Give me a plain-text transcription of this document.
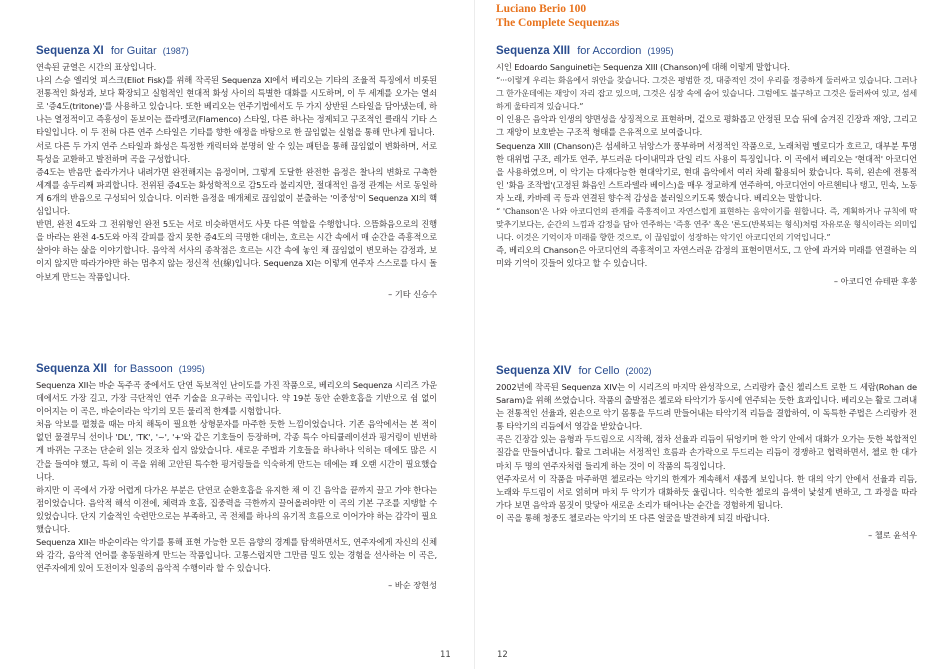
Luciano Berio 100
The Complete Sequenzas
Sequenza XI for Guitar (1987)

연속된 균열은 시간의 표상입니다.

나의 스승 엘리엇 피스크(Eliot Fisk)를 위해 작곡된 Sequenza XI에서 베리오는 기타의 조율적 특징에서 비롯된 전통적인 화성과, 보다 확장되고 실험적인 현대적 화성 사이의 특별한 대화를 시도하며, 이 두 세계를 오가는 열쇠로 '증4도(tritone)'를 사용하고 있습니다. 또한 베리오는 연주기법에서도 두 가지 상반된 스타일을 담아냈는데, 하나는 열정적이고 즉흥성이 돋보이는 플라멩코(Flamenco) 스타일, 다른 하나는 정제되고 구조적인 클래식 기타 스타일입니다. 이 두 전혀 다른 연주 스타일은 기타를 향한 애정을 바탕으로 한 끊임없는 실험을 통해 만나게 됩니다.

서로 다른 두 가지 연주 스타일과 화성은 특정한 캐릭터와 분명히 알 수 있는 패턴을 통해 끊임없이 변화하며, 서로 특성을 교환하고 발전하며 곡을 구성합니다.

증4도는 반음만 올라가거나 내려가면 완전해지는 음정이며, 그렇게 도달한 완전한 음정은 찰나의 변화로 구축한 세계를 송두리째 파괴합니다. 전위된 증4도는 화성학적으로 감5도라 불리지만, 절대적인 음정 관계는 서로 동일하게 6개의 반음으로 구성되어 있습니다. 이러한 음정을 매개체로 끊임없이 분출하는 '이중성'이 Sequenza XI의 핵심입니다.

반면, 완전 4도와 그 전위형인 완전 5도는 서로 비슷하면서도 사뭇 다른 역할을 수행합니다. 으뜸화음으로의 진행을 바라는 완전 4-5도와 아직 갈피를 잡지 못한 증4도의 극명한 대비는, 흐르는 시간 속에서 매 순간을 즉흥적으로 살아야 하는 삶을 이야기합니다. 음악적 서사의 종착점은 흐르는 시간 속에 놓인 채 끊임없이 변모하는 감정과, 보이지 않지만 따라가야만 하는 멈추지 않는 정신적 선(線)입니다. Sequenza XI는 이렇게 연주자 스스로를 다시 돌아보게 만드는 작품입니다.

– 기타 신승수

Sequenza XII for Bassoon (1995)

Sequenza XII는 바순 독주곡 중에서도 단연 독보적인 난이도를 가진 작품으로, 베리오의 Sequenza 시리즈 가운데에서도 가장 길고, 가장 극단적인 연주 기술을 요구하는 곡입니다. 약 19분 동안 순환호흡을 기반으로 쉼 없이 이어지는 이 곡은, 바순이라는 악기의 모든 물리적 한계를 시험합니다.

처음 악보를 펼쳤을 때는 마치 해독이 필요한 상형문자를 마주한 듯한 느낌이었습니다. 기존 음악에서는 본 적이 없던 물결무늬 선이나 'DL', 'TK', '~', '+'와 같은 기호들이 등장하며, 각종 특수 아티큘레이션과 핑거링이 빈번하게 바뀌는 구조는 단순히 읽는 것조차 쉽지 않았습니다. 새로운 주법과 기호들을 하나하나 익히는 데에도 많은 시간을 들여야 했고, 특히 이 곡을 위해 고안된 특수한 핑거링들을 익숙하게 만드는 데에는 꽤 오랜 시간이 필요했습니다.

하지만 이 곡에서 가장 어렵게 다가온 부분은 단연코 순환호흡을 유지한 채 이 긴 음악을 끝까지 끌고 가야 한다는 점이었습니다. 음악적 해석 이전에, 체력과 호흡, 집중력을 극한까지 끌어올려야만 이 곡의 기본 구조를 지탱할 수 있었습니다. 단지 기술적인 숙련만으로는 부족하고, 곡 전체를 하나의 유기적 흐름으로 이어가야 하는 감각이 필요했습니다.

Sequenza XII는 바순이라는 악기를 통해 표현 가능한 모든 음향의 경계를 탐색하면서도, 연주자에게 자신의 신체와 감각, 음악적 언어를 총동원하게 만드는 작품입니다. 고통스럽지만 그만큼 밀도 있는 경험을 선사하는 이 곡은, 연주자에게 있어 도전이자 일종의 음악적 수행이라 할 수 있습니다.

– 바순 장현성

Sequenza XIII for Accordion (1995)

시인 Edoardo Sanguineti는 Sequenza XIII (Chanson)에 대해 이렇게 말합니다.

“···이렇게 우리는 화음에서 위안을 찾습니다. 그것은 평범한 것, 대중적인 것이 우리를 정중하게 둘러싸고 있습니다. 그러나 그 한가운데에는 재앙이 자리 잡고 있으며, 그것은 심장 속에 숨어 있습니다. 그럼에도 불구하고 그것은 둘러싸여 있고, 섬세하게 울타리져 있습니다.”

이 인용은 음악과 인생의 양면성을 상징적으로 표현하며, 겉으로 평화롭고 안정된 모습 뒤에 숨겨진 긴장과 재앙, 그리고 그 재앙이 보호받는 구조적 형태를 은유적으로 보여줍니다.

Sequenza XIII (Chanson)은 섬세하고 뉘앙스가 풍부하며 서정적인 작품으로, 노래처럼 멜로디가 흐르고, 대부분 투명한 대위법 구조, 레가토 연주, 부드러운 다이내믹과 단일 리드 사용이 특징입니다. 이 곡에서 베리오는 '현대적' 아코디언을 사용하였으며, 이 악기는 다재다능한 현대악기로, 현대 음악에서 여러 차례 활용되어 왔습니다. 특히, 왼손에 전통적인 '화음 조작법'(고정된 화음인 스트라델라 베이스)을 매우 정교하게 연주하여, 아코디언이 아르헨티나 탱고, 민속, 노동자 노래, 카바레 곡 등과 연결된 향수적 감성을 불러일으키도록 했습니다. 베리오는 말합니다.

“ 'Chanson'은 나와 아코디언의 관계를 즉흥적이고 자연스럽게 표현하는 음악이기를 원합니다. 즉, 계획하거나 규칙에 딱 맞추기보다는, 순간의 느낌과 감정을 담아 연주하는 '즉흥 연주' 혹은 '론도(반복되는 형식)처럼 자유로운 형식이라는 의미입니다. 이것은 기억이자 미래를 향한 것으로, 이 끊임없이 성장하는 악기인 아코디언의 기억입니다.”

즉, 베리오의 Chanson은 아코디언의 즉흥적이고 자연스러운 감정의 표현이면서도, 그 안에 과거와 미래를 연결하는 의미와 기억이 깃들어 있다고 할 수 있습니다.

– 아코디언 슈테판 후쏭

Sequenza XIV for Cello (2002)

2002년에 작곡된 Sequenza XIV는 이 시리즈의 마지막 완성작으로, 스리랑카 출신 첼리스트 로한 드 세람(Rohan de Saram)을 위해 쓰였습니다. 작품의 출발점은 첼로와 타악기가 동시에 연주되는 듯한 효과입니다. 베리오는 활로 그려내는 전통적인 선율과, 왼손으로 악기 몸통을 두드려 만들어내는 타악기적 리듬을 결합하여, 이 독특한 주법은 스리랑카 전통 타악기의 리듬에서 영감을 받았습니다.

곡은 긴장감 있는 음형과 두드림으로 시작해, 점차 선율과 리듬이 뒤엉키며 한 악기 안에서 대화가 오가는 듯한 복합적인 질감을 만들어냅니다. 활로 그려내는 서정적인 흐름과 손가락으로 두드리는 리듬이 경쟁하고 협력하면서, 첼로 한 대가 마치 두 명의 연주자처럼 들리게 하는 것이 이 작품의 특징입니다.

연주자로서 이 작품을 마주하면 첼로라는 악기의 한계가 계속해서 새롭게 보입니다. 한 대의 악기 안에서 선율과 리듬, 노래와 두드림이 서로 얽히며 마치 두 악기가 대화하듯 울립니다. 익숙한 첼로의 음색이 낯설게 변하고, 그 과정을 따라가다 보면 음악과 몸짓이 맞닿아 새로운 소리가 태어나는 순간을 경험하게 됩니다.

이 곡을 통해 청중도 첼로라는 악기의 또 다른 얼굴을 발견하게 되길 바랍니다.

– 첼로 윤석우

11	12
